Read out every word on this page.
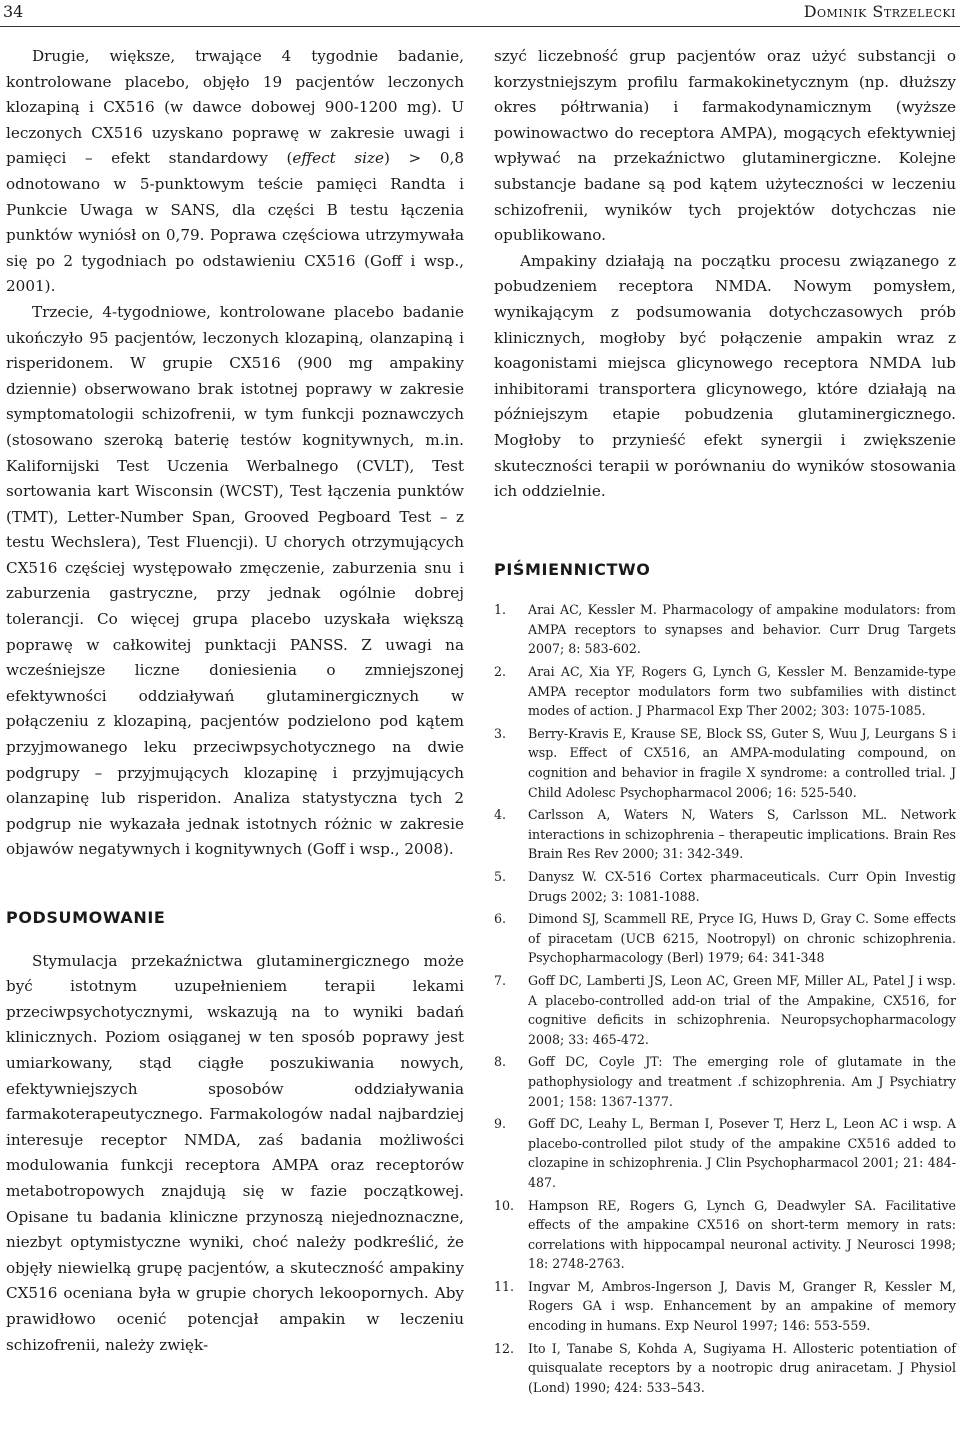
34	Dominik Strzelecki

Drugie, większe, trwające 4 tygodnie badanie, kontrolowane placebo, objęło 19 pacjentów leczonych klozapiną i CX516 (w dawce dobowej 900-1200 mg). U leczonych CX516 uzyskano poprawę w zakresie uwagi i pamięci – efekt standardowy (effect size) > 0,8 odnotowano w 5-punktowym teście pamięci Randta i Punkcie Uwaga w SANS, dla części B testu łączenia punktów wyniósł on 0,79. Poprawa częściowa utrzymywała się po 2 tygodniach po odstawieniu CX516 (Goff i wsp., 2001).

Trzecie, 4-tygodniowe, kontrolowane placebo badanie ukończyło 95 pacjentów, leczonych klozapiną, olanzapiną i risperidonem. W grupie CX516 (900 mg ampakiny dziennie) obserwowano brak istotnej poprawy w zakresie symptomatologii schizofrenii, w tym funkcji poznawczych (stosowano szeroką baterię testów kognitywnych, m.in. Kalifornijski Test Uczenia Werbalnego (CVLT), Test sortowania kart Wisconsin (WCST), Test łączenia punktów (TMT), Letter-Number Span, Grooved Pegboard Test – z testu Wechslera), Test Fluencji). U chorych otrzymujących CX516 częściej występowało zmęczenie, zaburzenia snu i zaburzenia gastryczne, przy jednak ogólnie dobrej tolerancji. Co więcej grupa placebo uzyskała większą poprawę w całkowitej punktacji PANSS. Z uwagi na wcześniejsze liczne doniesienia o zmniejszonej efektywności oddziaływań glutaminergicznych w połączeniu z klozapiną, pacjentów podzielono pod kątem przyjmowanego leku przeciwpsychotycznego na dwie podgrupy – przyjmujących klozapinę i przyjmujących olanzapinę lub risperidon. Analiza statystyczna tych 2 podgrup nie wykazała jednak istotnych różnic w zakresie objawów negatywnych i kognitywnych (Goff i wsp., 2008).

PODSUMOWANIE

Stymulacja przekaźnictwa glutaminergicznego może być istotnym uzupełnieniem terapii lekami przeciwpsychotycznymi, wskazują na to wyniki badań klinicznych. Poziom osiąganej w ten sposób poprawy jest umiarkowany, stąd ciągłe poszukiwania nowych, efektywniejszych sposobów oddziaływania farmakoterapeutycznego. Farmakologów nadal najbardziej interesuje receptor NMDA, zaś badania możliwości modulowania funkcji receptora AMPA oraz receptorów metabotropowych znajdują się w fazie początkowej. Opisane tu badania kliniczne przynoszą niejednoznaczne, niezbyt optymistyczne wyniki, choć należy podkreślić, że objęły niewielką grupę pacjentów, a skuteczność ampakiny CX516 oceniana była w grupie chorych lekoopornych. Aby prawidłowo ocenić potencjał ampakin w leczeniu schizofrenii, należy zwięk-

szyć liczebność grup pacjentów oraz użyć substancji o korzystniejszym profilu farmakokinetycznym (np. dłuższy okres półtrwania) i farmakodynamicznym (wyższe powinowactwo do receptora AMPA), mogących efektywniej wpływać na przekaźnictwo glutaminergiczne. Kolejne substancje badane są pod kątem użyteczności w leczeniu schizofrenii, wyników tych projektów dotychczas nie opublikowano.

Ampakiny działają na początku procesu związanego z pobudzeniem receptora NMDA. Nowym pomysłem, wynikającym z podsumowania dotychczasowych prób klinicznych, mogłoby być połączenie ampakin wraz z koagonistami miejsca glicynowego receptora NMDA lub inhibitorami transportera glicynowego, które działają na późniejszym etapie pobudzenia glutaminergicznego. Mogłoby to przynieść efekt synergii i zwiększenie skuteczności terapii w porównaniu do wyników stosowania ich oddzielnie.

PIŚMIENNICTWO
1.	Arai AC, Kessler M. Pharmacology of ampakine modulators: from AMPA receptors to synapses and behavior. Curr Drug Targets 2007; 8: 583-602.
2.	Arai AC, Xia YF, Rogers G, Lynch G, Kessler M. Benzamide-type AMPA receptor modulators form two subfamilies with distinct modes of action. J Pharmacol Exp Ther 2002; 303: 1075-1085.
3.	Berry-Kravis E, Krause SE, Block SS, Guter S, Wuu J, Leurgans S i wsp. Effect of CX516, an AMPA-modulating compound, on cognition and behavior in fragile X syndrome: a controlled trial. J Child Adolesc Psychopharmacol 2006; 16: 525-540.
4.	Carlsson A, Waters N, Waters S, Carlsson ML. Network interactions in schizophrenia – therapeutic implications. Brain Res Brain Res Rev 2000; 31: 342-349.
5.	Danysz W. CX-516 Cortex pharmaceuticals. Curr Opin Investig Drugs 2002; 3: 1081-1088.
6.	Dimond SJ, Scammell RE, Pryce IG, Huws D, Gray C. Some effects of piracetam (UCB 6215, Nootropyl) on chronic schizophrenia. Psychopharmacology (Berl) 1979; 64: 341-348
7.	Goff DC, Lamberti JS, Leon AC, Green MF, Miller AL, Patel J i wsp. A placebo-controlled add-on trial of the Ampakine, CX516, for cognitive deficits in schizophrenia. Neuropsychopharmacology 2008; 33: 465-472.
8.	Goff DC, Coyle JT: The emerging role of glutamate in the pathophysiology and treatment .f schizophrenia. Am J Psychiatry 2001; 158: 1367-1377.
9.	Goff DC, Leahy L, Berman I, Posever T, Herz L, Leon AC i wsp. A placebo-controlled pilot study of the ampakine CX516 added to clozapine in schizophrenia. J Clin Psychopharmacol 2001; 21: 484-487.
10.	Hampson RE, Rogers G, Lynch G, Deadwyler SA. Facilitative effects of the ampakine CX516 on short-term memory in rats: correlations with hippocampal neuronal activity. J Neurosci 1998; 18: 2748-2763.
11.	Ingvar M, Ambros-Ingerson J, Davis M, Granger R, Kessler M, Rogers GA i wsp. Enhancement by an ampakine of memory encoding in humans. Exp Neurol 1997; 146: 553-559.
12.	Ito I, Tanabe S, Kohda A, Sugiyama H. Allosteric potentiation of quisqualate receptors by a nootropic drug aniracetam. J Physiol (Lond) 1990; 424: 533–543.
